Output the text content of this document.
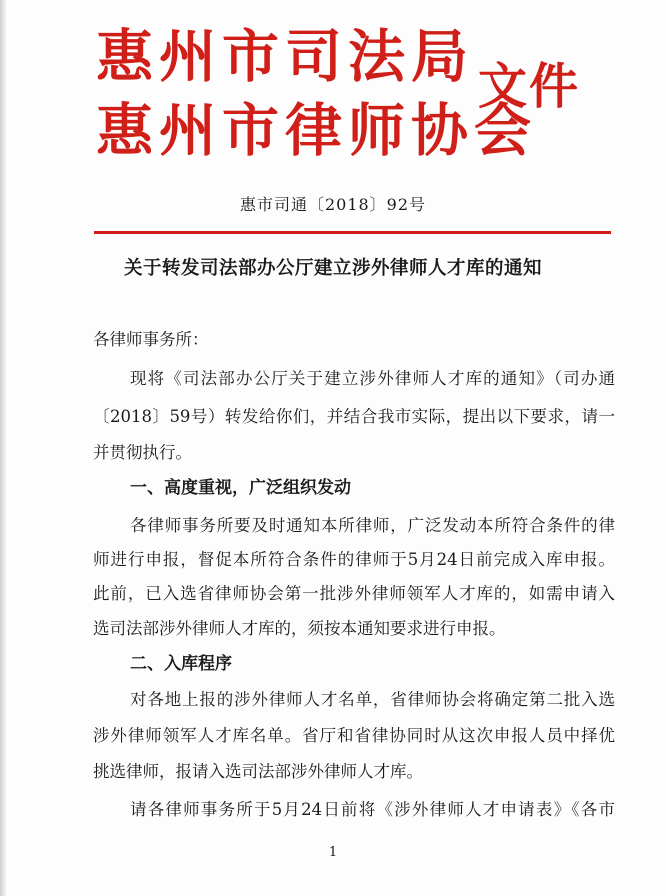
惠州市司法局
惠州市律师协会
文件
惠市司通〔2018〕92号
关于转发司法部办公厅建立涉外律师人才库的通知
各律师事务所：
现将《司法部办公厅关于建立涉外律师人才库的通知》（司办通
〔2018〕59号）转发给你们，并结合我市实际，提出以下要求，请一
并贯彻执行。
一、高度重视，广泛组织发动
各律师事务所要及时通知本所律师，广泛发动本所符合条件的律
师进行申报，督促本所符合条件的律师于5月24日前完成入库申报。
此前，已入选省律师协会第一批涉外律师领军人才库的，如需申请入
选司法部涉外律师人才库的，须按本通知要求进行申报。
二、入库程序
对各地上报的涉外律师人才名单，省律师协会将确定第二批入选
涉外律师领军人才库名单。省厅和省律协同时从这次申报人员中择优
挑选律师，报请入选司法部涉外律师人才库。
请各律师事务所于5月24日前将《涉外律师人才申请表》《各市
1
